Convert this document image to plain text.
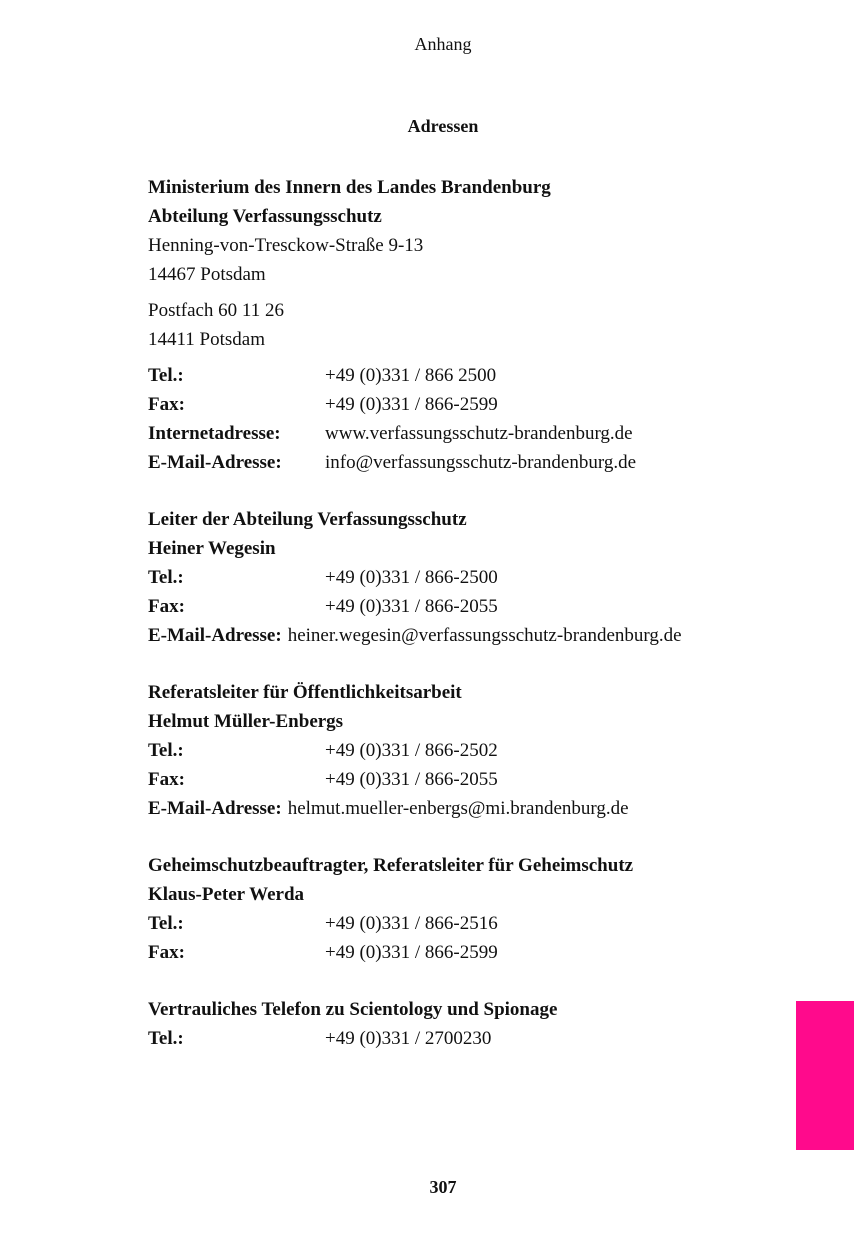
Anhang
Adressen
Ministerium des Innern des Landes Brandenburg
Abteilung Verfassungsschutz
Henning-von-Tresckow-Straße 9-13
14467 Potsdam
Postfach 60 11 26
14411 Potsdam
Tel.:	+49 (0)331 / 866 2500
Fax:	+49 (0)331 / 866-2599
Internetadresse:	www.verfassungsschutz-brandenburg.de
E-Mail-Adresse:	info@verfassungsschutz-brandenburg.de
Leiter der Abteilung Verfassungsschutz
Heiner Wegesin
Tel.:	+49 (0)331 / 866-2500
Fax:	+49 (0)331 / 866-2055
E-Mail-Adresse: heiner.wegesin@verfassungsschutz-brandenburg.de
Referatsleiter für Öffentlichkeitsarbeit
Helmut Müller-Enbergs
Tel.:	+49 (0)331 / 866-2502
Fax:	+49 (0)331 / 866-2055
E-Mail-Adresse: helmut.mueller-enbergs@mi.brandenburg.de
Geheimschutzbeauftragter, Referatsleiter für Geheimschutz
Klaus-Peter Werda
Tel.:	+49 (0)331 / 866-2516
Fax:	+49 (0)331 / 866-2599
Vertrauliches Telefon zu Scientology und Spionage
Tel.:	+49 (0)331 / 2700230
307
